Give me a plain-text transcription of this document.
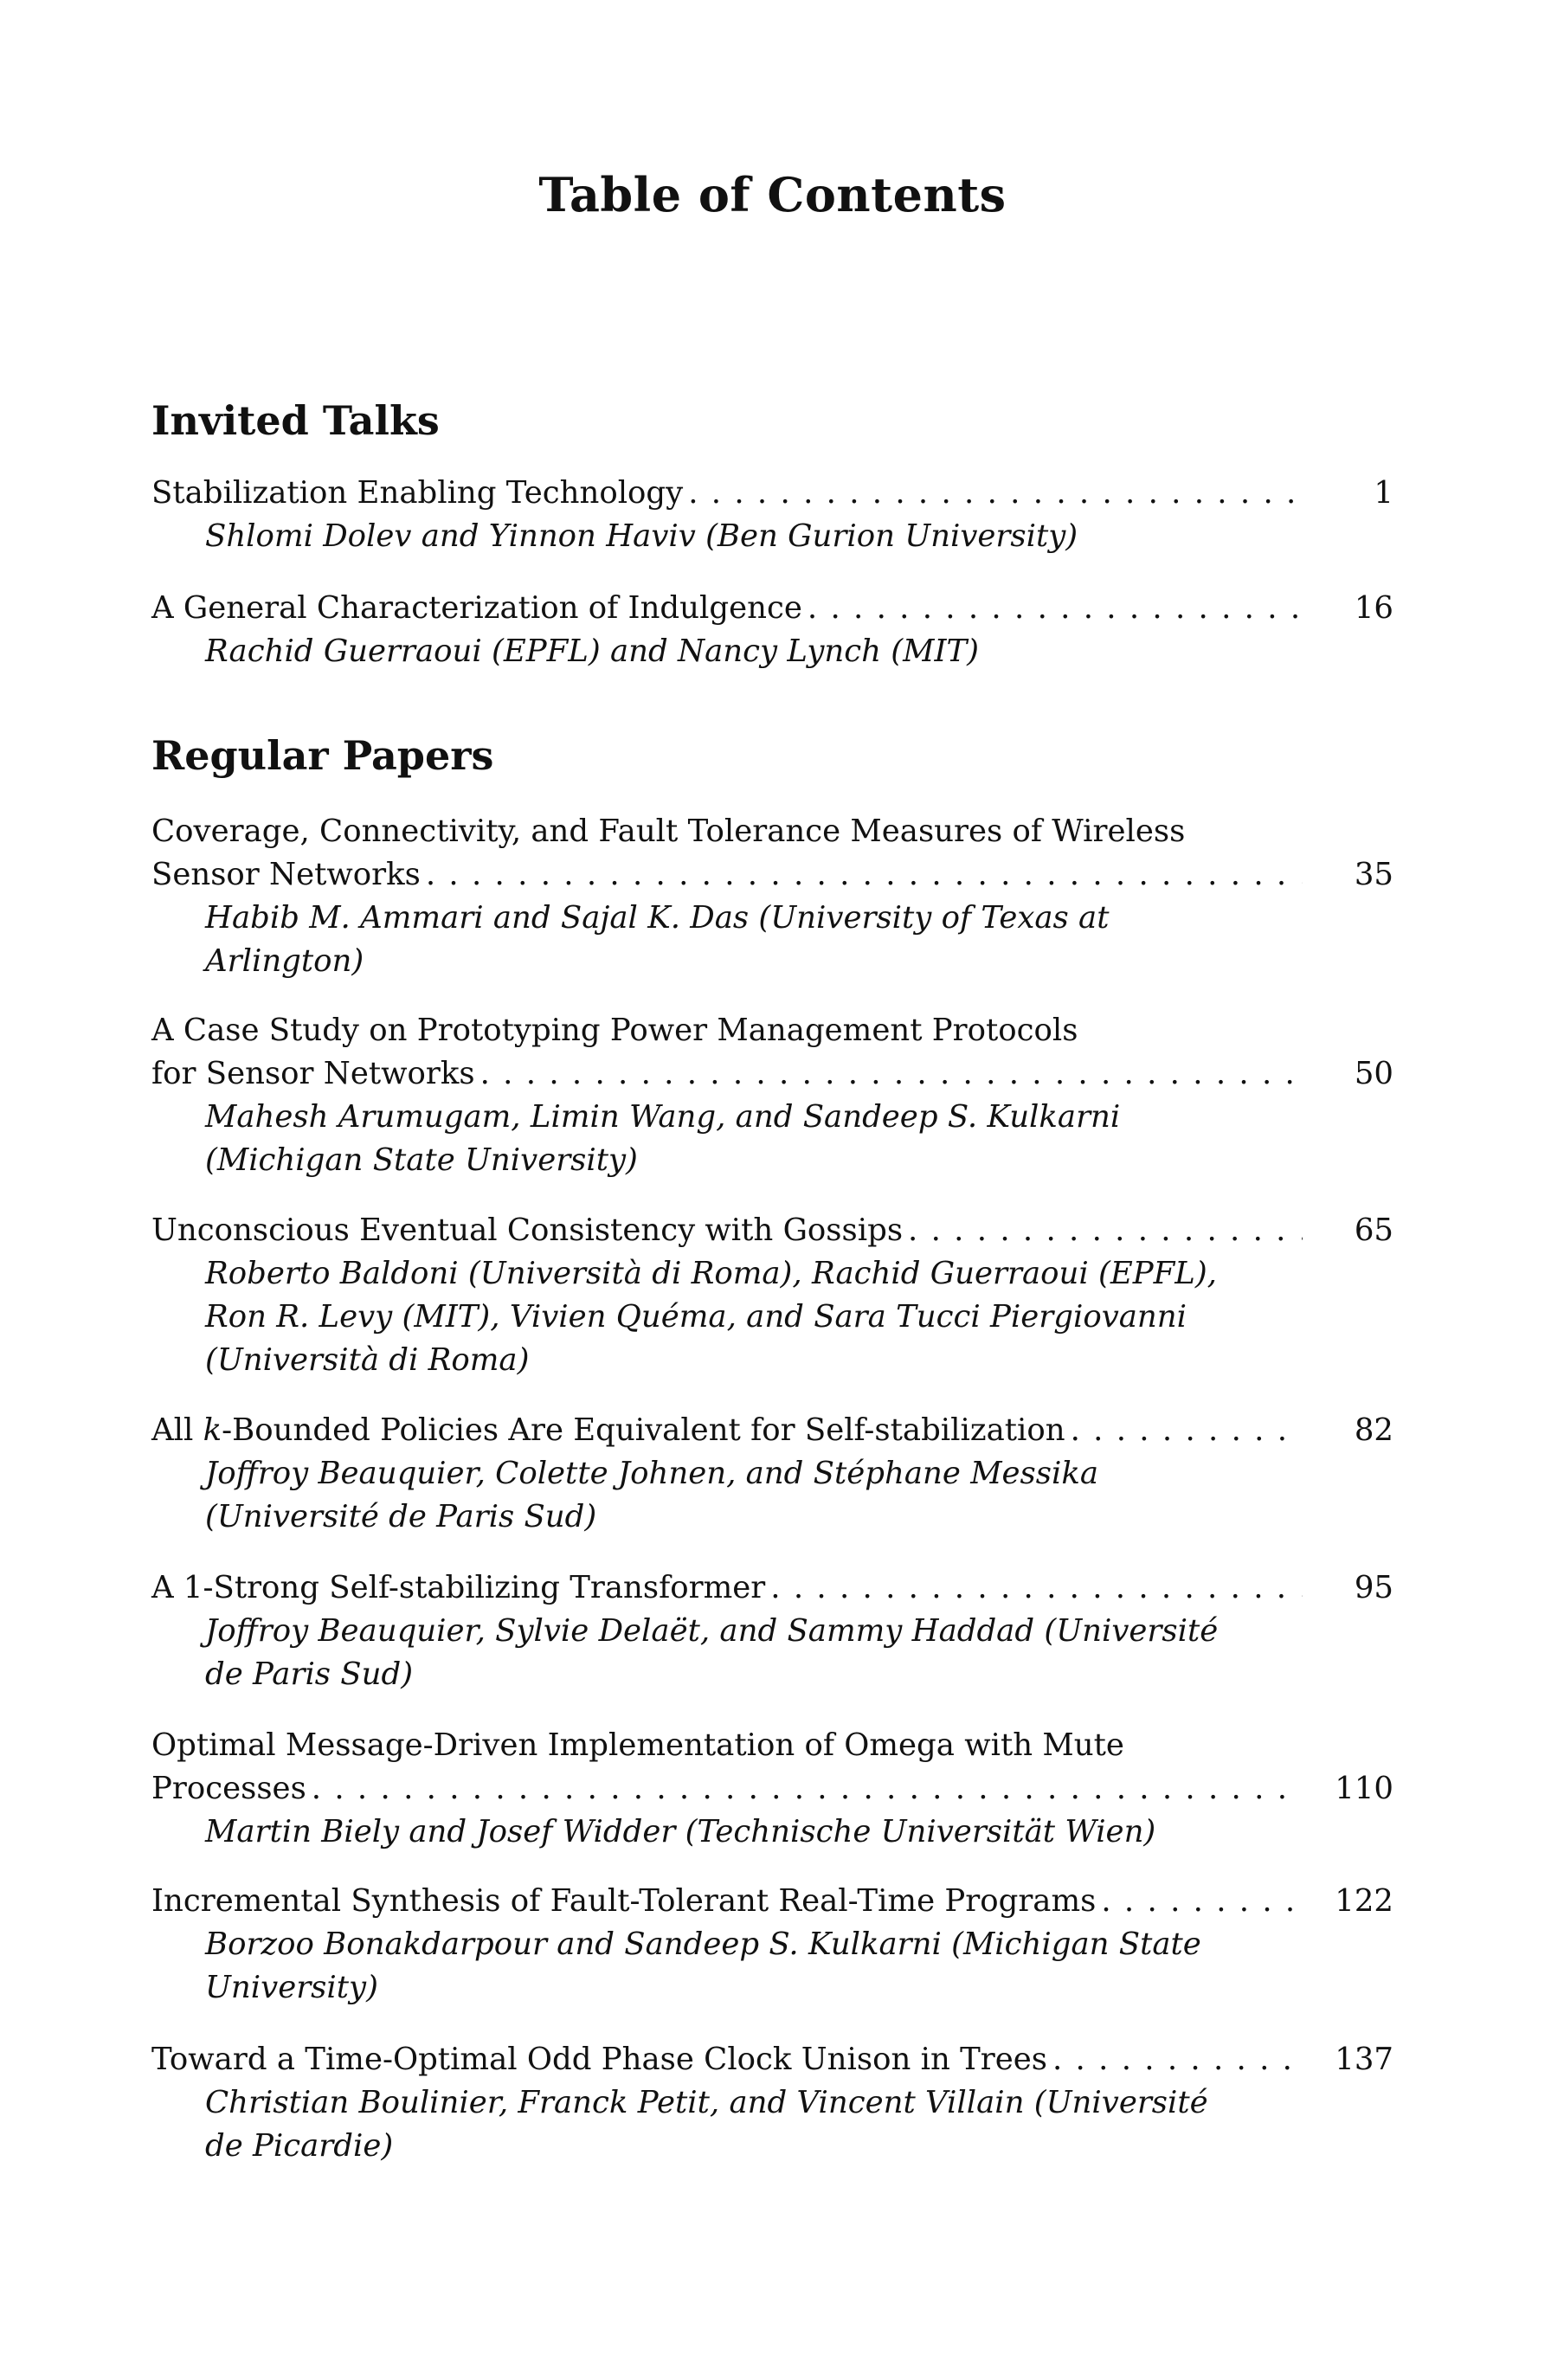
Table of Contents
Invited Talks
Stabilization Enabling Technology . . .	1
Shlomi Dolev and Yinnon Haviv (Ben Gurion University)
A General Characterization of Indulgence . . .	16
Rachid Guerraoui (EPFL) and Nancy Lynch (MIT)
Regular Papers
Coverage, Connectivity, and Fault Tolerance Measures of Wireless
Sensor Networks . . .	35
Habib M. Ammari and Sajal K. Das (University of Texas at
Arlington)
A Case Study on Prototyping Power Management Protocols
for Sensor Networks . . .	50
Mahesh Arumugam, Limin Wang, and Sandeep S. Kulkarni
(Michigan State University)
Unconscious Eventual Consistency with Gossips . . .	65
Roberto Baldoni (Università di Roma), Rachid Guerraoui (EPFL),
Ron R. Levy (MIT), Vivien Quéma, and Sara Tucci Piergiovanni
(Università di Roma)
All k-Bounded Policies Are Equivalent for Self-stabilization . . .	82
Joffroy Beauquier, Colette Johnen, and Stéphane Messika
(Université de Paris Sud)
A 1-Strong Self-stabilizing Transformer . . .	95
Joffroy Beauquier, Sylvie Delaët, and Sammy Haddad (Université
de Paris Sud)
Optimal Message-Driven Implementation of Omega with Mute
Processes . . .	110
Martin Biely and Josef Widder (Technische Universität Wien)
Incremental Synthesis of Fault-Tolerant Real-Time Programs . . .	122
Borzoo Bonakdarpour and Sandeep S. Kulkarni (Michigan State
University)
Toward a Time-Optimal Odd Phase Clock Unison in Trees . . .	137
Christian Boulinier, Franck Petit, and Vincent Villain (Université
de Picardie)
